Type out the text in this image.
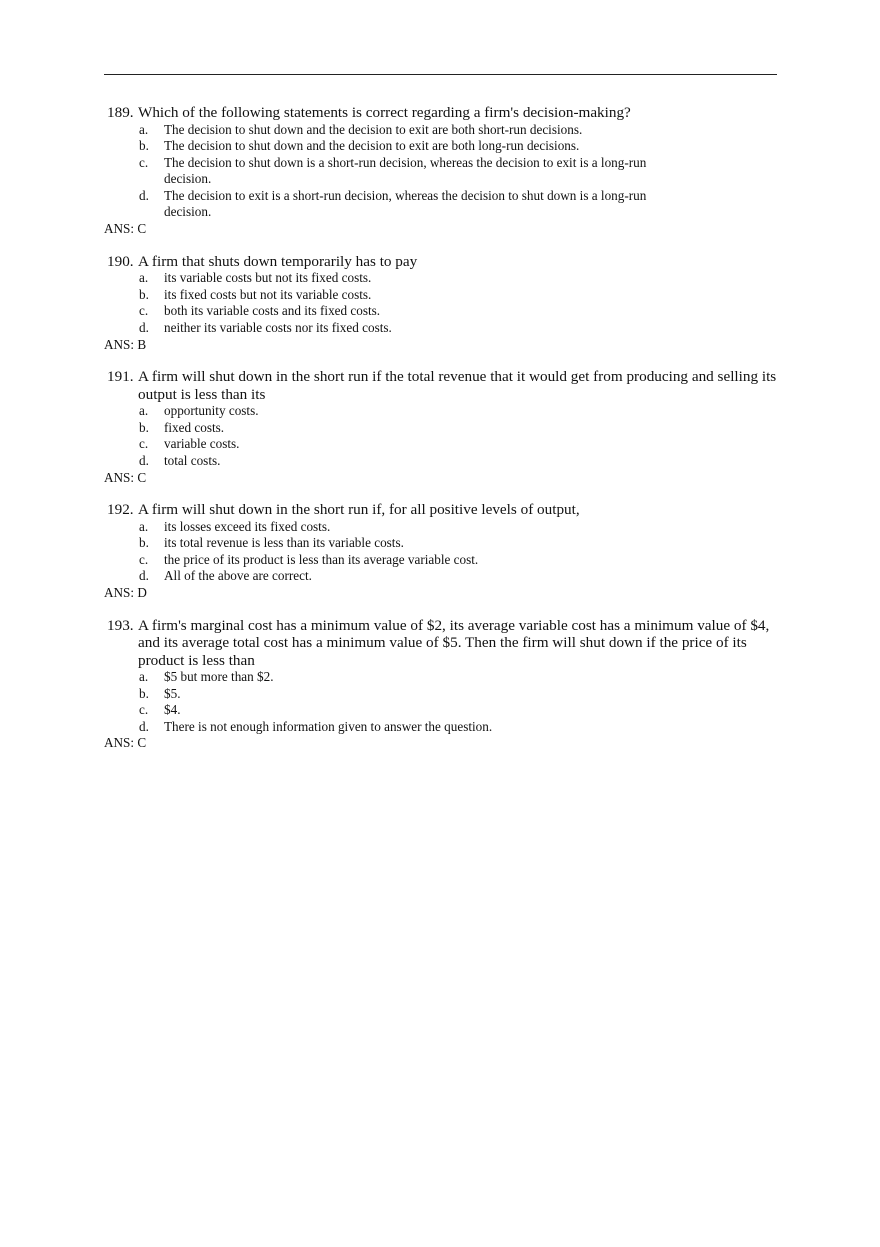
189. Which of the following statements is correct regarding a firm's decision-making?
a. The decision to shut down and the decision to exit are both short-run decisions.
b. The decision to shut down and the decision to exit are both long-run decisions.
c. The decision to shut down is a short-run decision, whereas the decision to exit is a long-run decision.
d. The decision to exit is a short-run decision, whereas the decision to shut down is a long-run decision.
ANS: C
190. A firm that shuts down temporarily has to pay
a. its variable costs but not its fixed costs.
b. its fixed costs but not its variable costs.
c. both its variable costs and its fixed costs.
d. neither its variable costs nor its fixed costs.
ANS: B
191. A firm will shut down in the short run if the total revenue that it would get from producing and selling its output is less than its
a. opportunity costs.
b. fixed costs.
c. variable costs.
d. total costs.
ANS: C
192. A firm will shut down in the short run if, for all positive levels of output,
a. its losses exceed its fixed costs.
b. its total revenue is less than its variable costs.
c. the price of its product is less than its average variable cost.
d. All of the above are correct.
ANS: D
193. A firm's marginal cost has a minimum value of $2, its average variable cost has a minimum value of $4, and its average total cost has a minimum value of $5. Then the firm will shut down if the price of its product is less than
a. $5 but more than $2.
b. $5.
c. $4.
d. There is not enough information given to answer the question.
ANS: C
